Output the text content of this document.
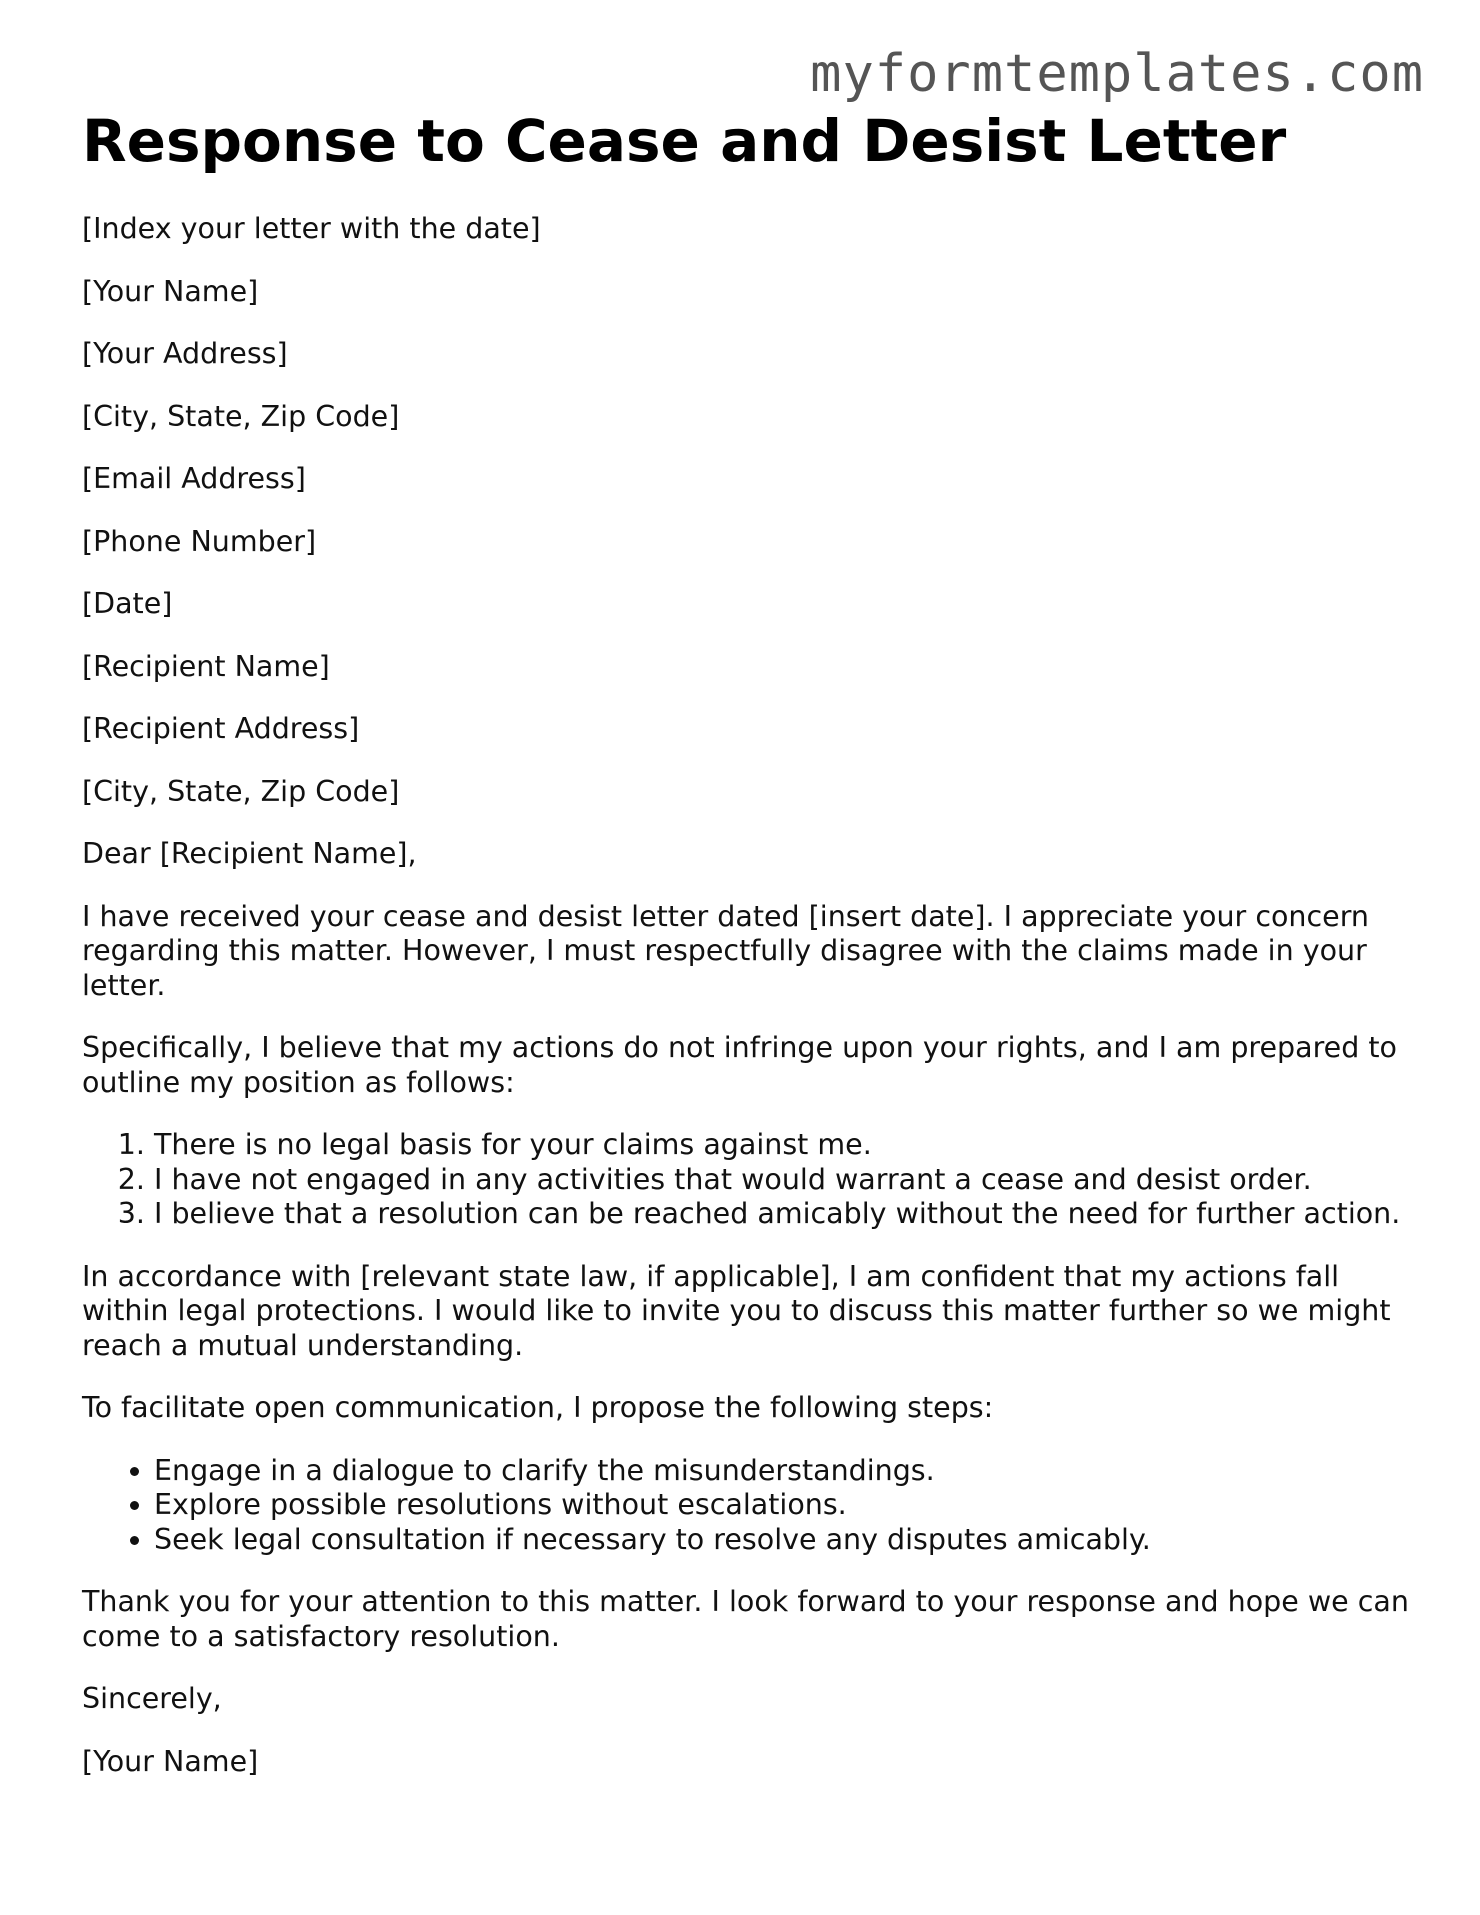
myformtemplates.com
Response to Cease and Desist Letter

[Index your letter with the date]

[Your Name]

[Your Address]

[City, State, Zip Code]

[Email Address]

[Phone Number]

[Date]

[Recipient Name]

[Recipient Address]

[City, State, Zip Code]

Dear [Recipient Name],

I have received your cease and desist letter dated [insert date]. I appreciate your concern regarding this matter. However, I must respectfully disagree with the claims made in your letter.

Specifically, I believe that my actions do not infringe upon your rights, and I am prepared to outline my position as follows:

1. There is no legal basis for your claims against me.
2. I have not engaged in any activities that would warrant a cease and desist order.
3. I believe that a resolution can be reached amicably without the need for further action.

In accordance with [relevant state law, if applicable], I am confident that my actions fall within legal protections. I would like to invite you to discuss this matter further so we might reach a mutual understanding.

To facilitate open communication, I propose the following steps:

• Engage in a dialogue to clarify the misunderstandings.
• Explore possible resolutions without escalations.
• Seek legal consultation if necessary to resolve any disputes amicably.

Thank you for your attention to this matter. I look forward to your response and hope we can come to a satisfactory resolution.

Sincerely,

[Your Name]
